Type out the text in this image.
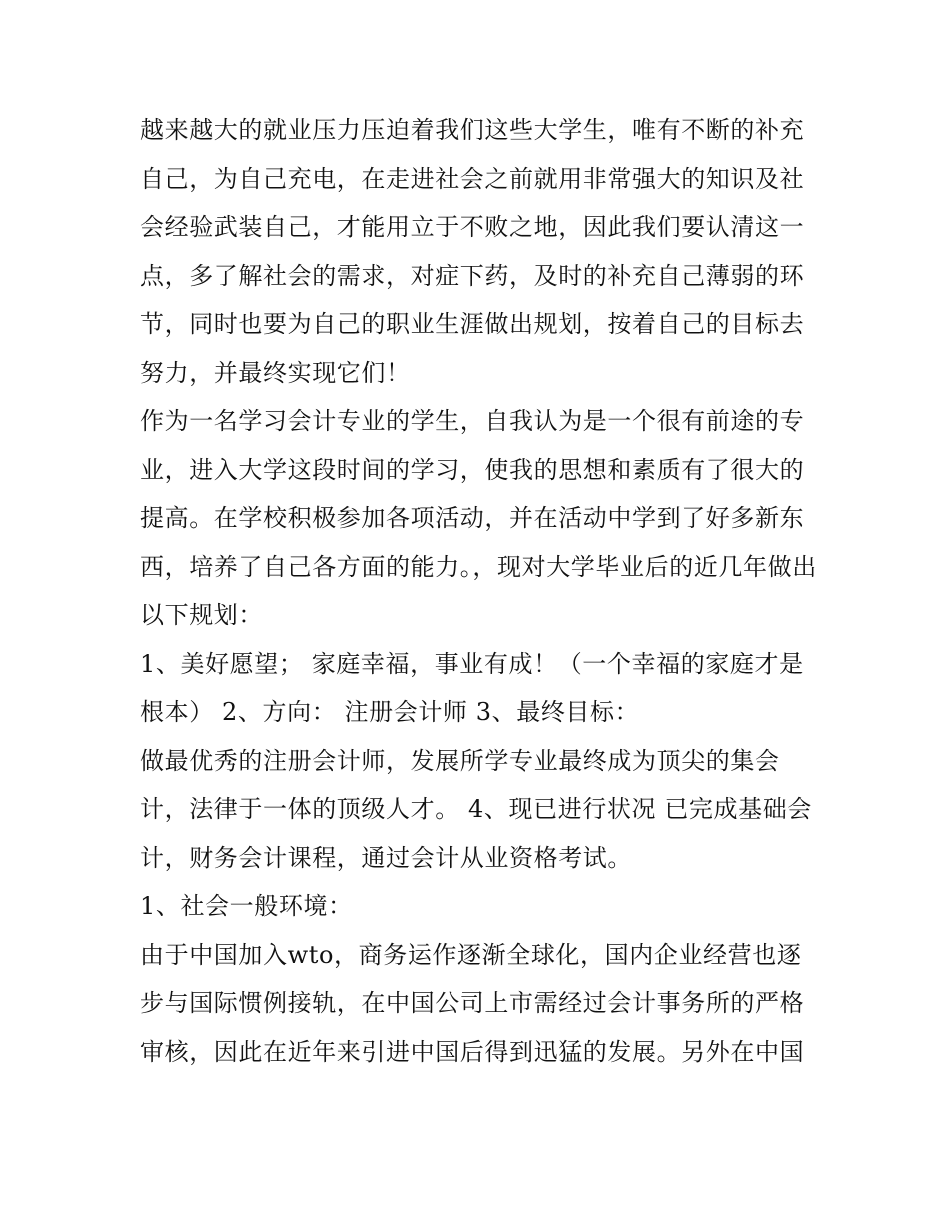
越来越大的就业压力压迫着我们这些大学生，唯有不断的补充自己，为自己充电，在走进社会之前就用非常强大的知识及社会经验武装自己，才能用立于不败之地，因此我们要认清这一点，多了解社会的需求，对症下药，及时的补充自己薄弱的环节，同时也要为自己的职业生涯做出规划，按着自己的目标去努力，并最终实现它们！

作为一名学习会计专业的学生，自我认为是一个很有前途的专业，进入大学这段时间的学习，使我的思想和素质有了很大的提高。在学校积极参加各项活动，并在活动中学到了好多新东西，培养了自己各方面的能力。，现对大学毕业后的近几年做出以下规划：

1、美好愿望； 家庭幸福，事业有成！（一个幸福的家庭才是根本） 2、方向： 注册会计师 3、最终目标：

做最优秀的注册会计师，发展所学专业最终成为顶尖的集会计，法律于一体的顶级人才。 4、现已进行状况 已完成基础会计，财务会计课程，通过会计从业资格考试。

1、社会一般环境：

由于中国加入wto，商务运作逐渐全球化，国内企业经营也逐步与国际惯例接轨，在中国公司上市需经过会计事务所的严格审核，因此在近年来引进中国后得到迅猛的发展。另外在中国
